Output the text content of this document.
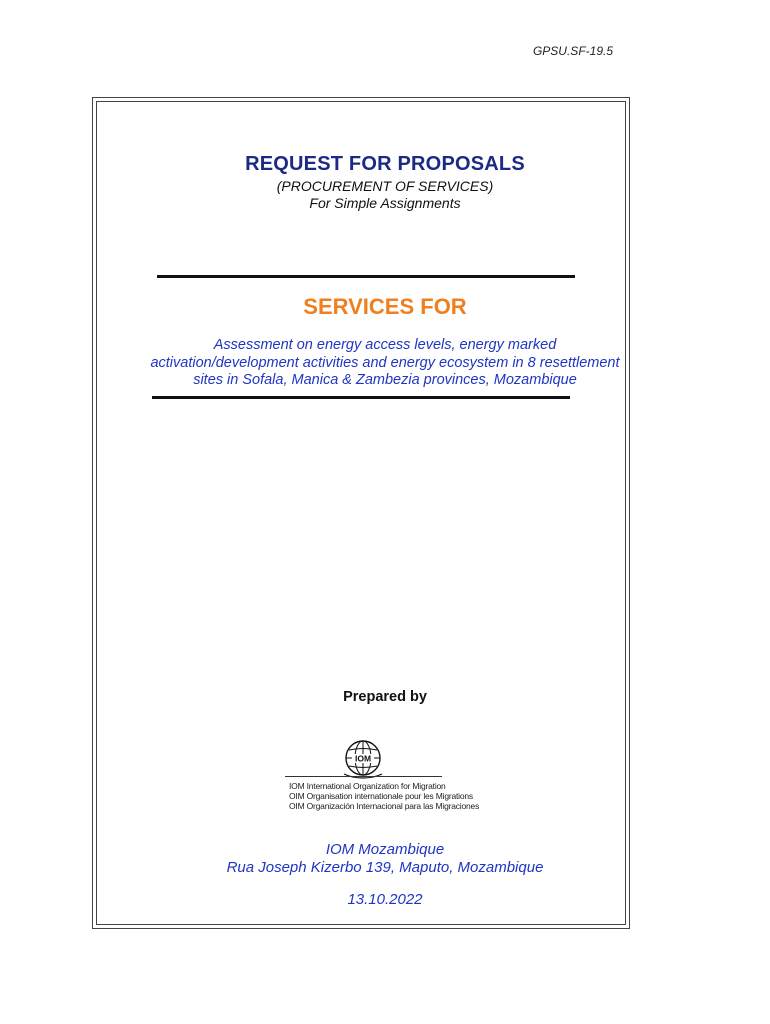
GPSU.SF-19.5
REQUEST FOR PROPOSALS
(PROCUREMENT OF SERVICES)
For Simple Assignments
SERVICES FOR
Assessment on energy access levels, energy marked
activation/development activities and energy ecosystem in 8 resettlement
sites in Sofala, Manica & Zambezia provinces, Mozambique
Prepared by
IOM
IOM International Organization for Migration
OIM Organisation internationale pour les Migrations
OIM Organización Internacional para las Migraciones
IOM Mozambique
Rua Joseph Kizerbo 139, Maputo, Mozambique
13.10.2022
